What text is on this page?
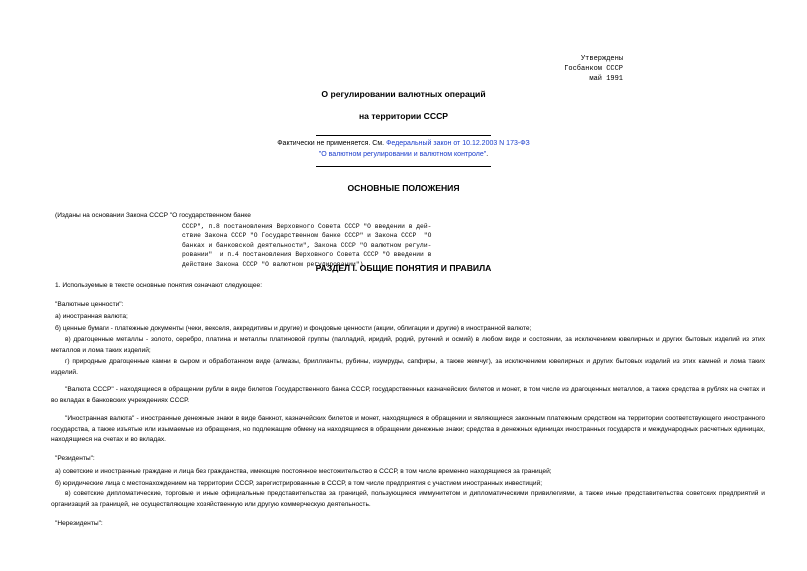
Утверждены
Госбанком СССР
май 1991
О регулировании валютных операций
на территории СССР
Фактически не применяется. См. Федеральный закон от 10.12.2003 N 173-ФЗ
"О валютном регулировании и валютном контроле".
ОСНОВНЫЕ ПОЛОЖЕНИЯ
(Изданы на основании Закона СССР "О государственном банке
СССР", п.8 постановления Верховного Совета СССР "О введении в дей-
ствие Закона СССР "О Государственном банке СССР" и Закона СССР  "О
банках и банковской деятельности", Закона СССР "О валютном регули-
ровании"  и п.4 постановления Верховного Совета СССР "О введении в
действие Закона СССР "О валютном регулировании")
РАЗДЕЛ I. ОБЩИЕ ПОНЯТИЯ И ПРАВИЛА
1. Используемые в тексте основные понятия означают следующее:
"Валютные ценности":
а) иностранная валюта;
б) ценные бумаги - платежные документы (чеки, векселя, аккредитивы и другие) и фондовые ценности (акции, облигации и другие) в иностранной валюте;
в) драгоценные металлы - золото, серебро, платина и металлы платиновой группы (палладий, иридий, родий, рутений и осмий) в любом виде и состоянии, за исключением ювелирных и других бытовых изделий из этих металлов и лома таких изделий;
г) природные драгоценные камни в сыром и обработанном виде (алмазы, бриллианты, рубины, изумруды, сапфиры, а также жемчуг), за исключением ювелирных и других бытовых изделий из этих камней и лома таких изделий.
"Валюта СССР" - находящиеся в обращении рубли в виде билетов Государственного банка СССР, государственных казначейских билетов и монет, в том числе из драгоценных металлов, а также средства в рублях на счетах и во вкладах в банковских учреждениях СССР.
"Иностранная валюта" - иностранные денежные знаки в виде банкнот, казначейских билетов и монет, находящиеся в обращении и являющиеся законным платежным средством на территории соответствующего иностранного государства, а также изъятые или изымаемые из обращения, но подлежащие обмену на находящиеся в обращении денежные знаки; средства в денежных единицах иностранных государств и международных расчетных единицах, находящиеся на счетах и во вкладах.
"Резиденты":
а) советские и иностранные граждане и лица без гражданства, имеющие постоянное местожительство в СССР, в том числе временно находящиеся за границей;
б) юридические лица с местонахождением на территории СССР, зарегистрированные в СССР, в том числе предприятия с участием иностранных инвестиций;
в) советские дипломатические, торговые и иные официальные представительства за границей, пользующиеся иммунитетом и дипломатическими привилегиями, а также иные представительства советских предприятий и организаций за границей, не осуществляющие хозяйственную или другую коммерческую деятельность.
"Нерезиденты":
